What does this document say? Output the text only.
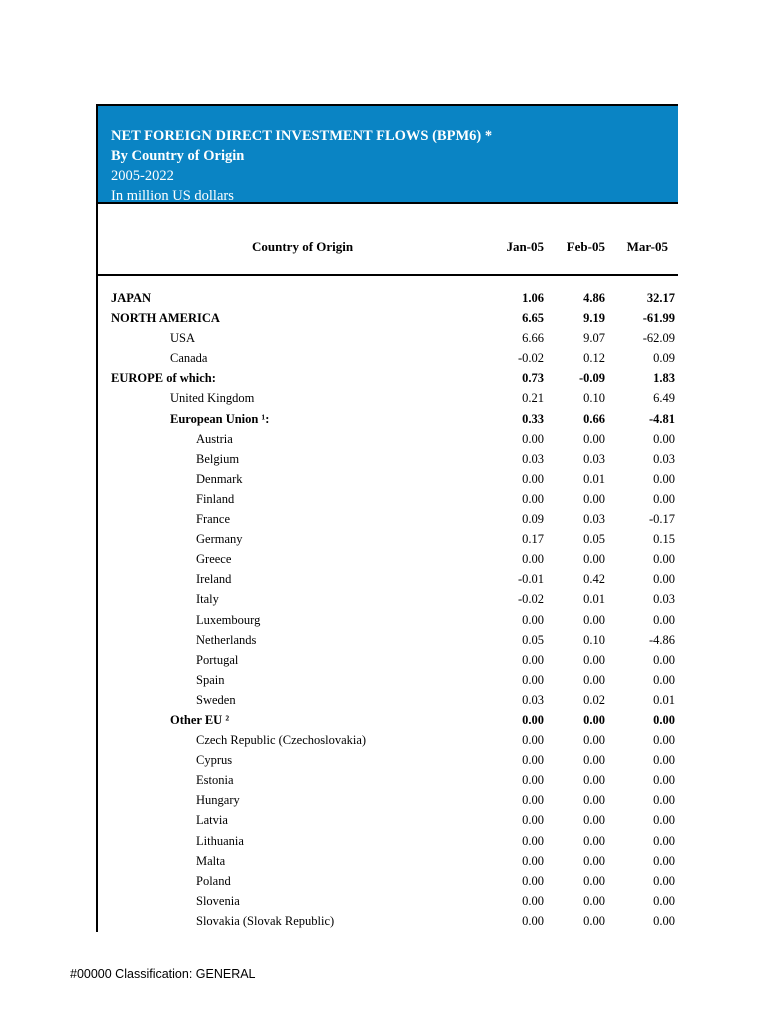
NET FOREIGN DIRECT INVESTMENT FLOWS (BPM6) *
By Country of Origin
2005-2022
In million US dollars
Country of Origin	Jan-05 Feb-05 Mar-05
JAPAN	1.06	4.86	32.17
NORTH AMERICA	6.65	9.19	-61.99
USA	6.66	9.07	-62.09
Canada	-0.02	0.12	0.09
EUROPE of which:	0.73	-0.09	1.83
United Kingdom	0.21	0.10	6.49
European Union ¹:	0.33	0.66	-4.81
Austria	0.00	0.00	0.00
Belgium	0.03	0.03	0.03
Denmark	0.00	0.01	0.00
Finland	0.00	0.00	0.00
France	0.09	0.03	-0.17
Germany	0.17	0.05	0.15
Greece	0.00	0.00	0.00
Ireland	-0.01	0.42	0.00
Italy	-0.02	0.01	0.03
Luxembourg	0.00	0.00	0.00
Netherlands	0.05	0.10	-4.86
Portugal	0.00	0.00	0.00
Spain	0.00	0.00	0.00
Sweden	0.03	0.02	0.01
Other EU ²	0.00	0.00	0.00
Czech Republic (Czechoslovakia)	0.00	0.00	0.00
Cyprus	0.00	0.00	0.00
Estonia	0.00	0.00	0.00
Hungary	0.00	0.00	0.00
Latvia	0.00	0.00	0.00
Lithuania	0.00	0.00	0.00
Malta	0.00	0.00	0.00
Poland	0.00	0.00	0.00
Slovenia	0.00	0.00	0.00
Slovakia (Slovak Republic)	0.00	0.00	0.00
#00000 Classification: GENERAL
